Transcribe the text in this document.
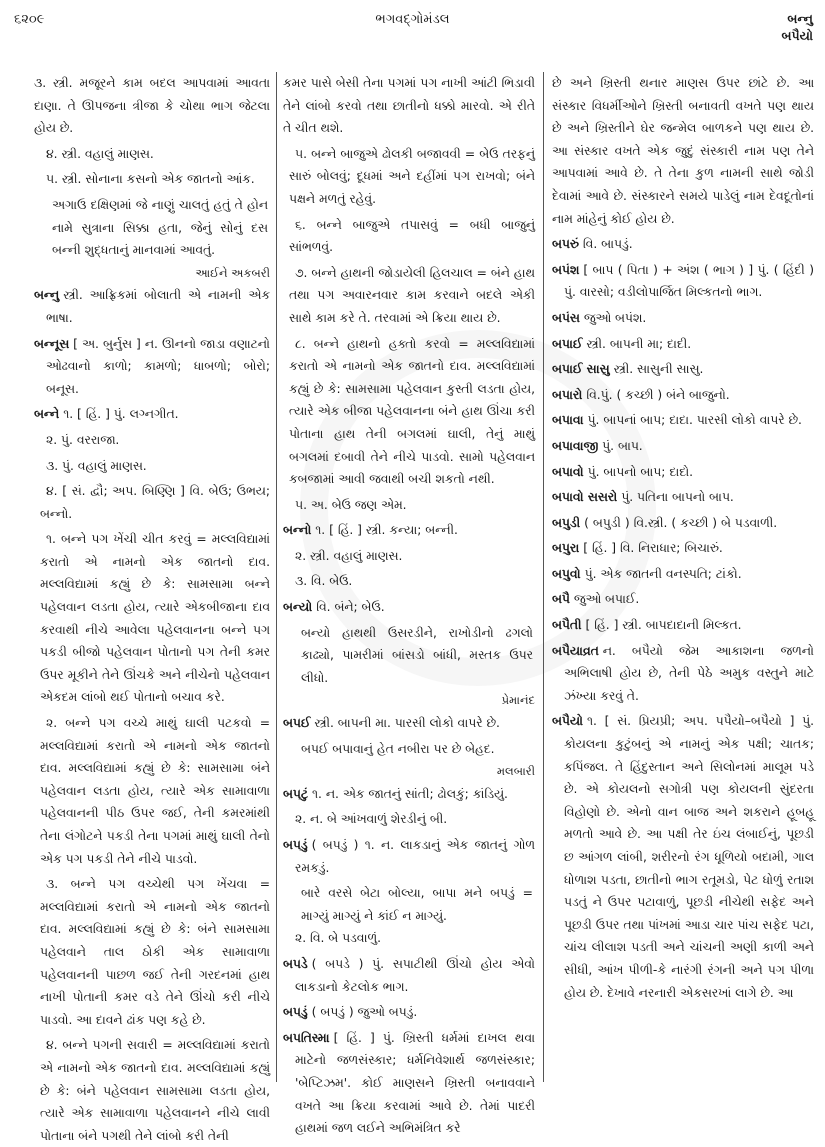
૬૨૦૯	ભગવદ્ગોમંડલ	બન્નુ
બપૈયો
૩. સ્ત્રી. મજૂરને કામ બદલ આપવામાં આવતા દાણા. તે ઊપજના ત્રીજા કે ચોથા ભાગ જેટલા હોય છે.
૪. સ્ત્રી. વહાલું માણસ.
૫. સ્ત્રી. સોનાના કસનો એક જાતનો આંક.
અગાઉ દક્ષિણમાં જે નાણું ચાલતું હતું તે હોન નામે સુત્રાના સિક્કા હતા, જેનું સોનું દસ બન્ની શુદ્ધતાનું માનવામાં આવતું.
આઈને અકબરી
બન્નુ સ્ત્રી. આફ્રિકમાં બોલાતી એ નામની એક ભાષા.
બન્નૂસ [ અ. બુર્નુસ ] ન. ઊનનો જાડા વણાટનો ઓઢવાનો કાળો; કામળો; ધાબળો; બોરો; બનૂસ.
બન્ને ૧. [ હિં. ] પું. લગ્નગીત.
૨. પું. વરરાજા.
૩. પું. વહાલું માણસ.
૪. [ સં. દ્વૌ; અપ. બિણ્ણિ ] વિ. બેઉ; ઉભય; બન્નો.
૧. બન્ને પગ ખેંચી ચીત કરવું = મલ્લવિદ્યામાં કરાતો એ નામનો એક જાતનો દાવ. મલ્લવિદ્યામાં કહ્યું છે કે: સામસામા બન્ને પહેલવાન લડતા હોય, ત્યારે એકબીજાના દાવ કરવાથી નીચે આવેલા પહેલવાનના બન્ને પગ પકડી બીજો પહેલવાન પોતાનો પગ તેની કમર ઉપર મૂકીને તેને ઊંચકે અને નીચેનો પહેલવાન એકદમ લાંબો થઈ પોતાનો બચાવ કરે.
૨. બન્ને પગ વચ્ચે માથું ઘાલી પટકવો = મલ્લવિદ્યામાં કરાતો એ નામનો એક જાતનો દાવ. મલ્લવિદ્યામાં કહ્યું છે કે: સામસામા બંને પહેલવાન લડતા હોય, ત્યારે એક સામાવાળા પહેલવાનની પીઠ ઉપર જઈ, તેની કમરમાંથી તેના લંગોટને પકડી તેના પગમાં માથું ઘાલી તેનો એક પગ પકડી તેને નીચે પાડવો.
૩. બન્ને પગ વચ્ચેથી પગ ખેંચવા = મલ્લવિદ્યામાં કરાતો એ નામનો એક જાતનો દાવ. મલ્લવિદ્યામાં કહ્યું છે કે: બંને સામસામા પહેલવાને તાલ ઠોકી એક સામાવાળા પહેલવાનની પાછળ જઈ તેની ગરદનમાં હાથ નાખી પોતાની કમર વડે તેને ઊંચો કરી નીચે પાડવો. આ દાવને ઢાંક પણ કહે છે.
૪. બન્ને પગની સવારી = મલ્લવિદ્યામાં કરાતો એ નામનો એક જાતનો દાવ. મલ્લવિદ્યામાં કહ્યું છે કે: બંને પહેલવાન સામસામા લડતા હોય, ત્યારે એક સામાવાળા પહેલવાનને નીચે લાવી પોતાના બંને પગથી તેને લાંબો કરી તેની
કમર પાસે બેસી તેના પગમાં પગ નાખી આંટી ભિડાવી તેને લાંબો કરવો તથા છાતીનો ધક્કો મારવો. એ રીતે તે ચીત થશે.
૫. બન્ને બાજુએ ઢોલકી બજાવવી = બેઉ તરફનું સારું બોલવું; દૂધમાં અને દહીંમાં પગ રાખવો; બંને પક્ષને મળતું રહેવું.
૬. બન્ને બાજુએ તપાસવું = બધી બાજુનું સાંભળવું.
૭. બન્ને હાથની જોડાયેલી હિલચાલ = બંને હાથ તથા પગ અવારનવાર કામ કરવાને બદલે એકી સાથે કામ કરે તે. તરવામાં એ ક્રિયા થાય છે.
૮. બન્ને હાથનો હક્તો કરવો = મલ્લવિદ્યામાં કરાતો એ નામનો એક જાતનો દાવ. મલ્લવિદ્યામાં કહ્યું છે કે: સામસામા પહેલવાન કુસ્તી લડતા હોય, ત્યારે એક બીજા પહેલવાનના બંને હાથ ઊંચા કરી પોતાના હાથ તેની બગલમાં ઘાલી, તેનું માથું બગલમાં દબાવી તેને નીચે પાડવો. સામો પહેલવાન કબજામાં આવી જવાથી બચી શકતો નથી.
૫. અ. બેઉ જણ એમ.
બન્નો ૧. [ હિં. ] સ્ત્રી. કન્યા; બન્ની.
૨. સ્ત્રી. વહાલું માણસ.
૩. વિ. બેઉ.
બન્યો વિ. બંને; બેઉ.
બન્યો હાથથી ઉસરડીને, રાખોડીનો ઢગલો કાઢ્યો, પામરીમાં બાંસડો બાંધી, મસ્તક ઉપર લીધો.
પ્રેમાનંદ
બપઈ સ્ત્રી. બાપની મા. પારસી લોકો વાપરે છે.
બપઈ બપાવાનું હેત નબીરા પર છે બેહદ.
મલબારી
બપટું ૧. ન. એક જાતનું સાંતી; ઢોલકું; કાંડિયું.
૨. ન. બે આંખવાળું શેરડીનું બી.
બપડું ( બપડું ) ૧. ન. લાકડાનું એક જાતનું ગોળ રમકડું.
બારે વરસે બેટા બોલ્યા, બાપા મને બપડું = માગ્યું માગ્યું ને કાંઈ ન માગ્યું.
૨. વિ. બે પડવાળું.
બપડે ( બપડે ) પું. સપાટીથી ઊંચો હોય એવો લાકડાનો કેટલોક ભાગ.
બપડું ( બપડું ) જુઓ બપડું.
બપતિસ્મા [ હિં. ] પું. ખ્રિસ્તી ધર્મમાં દાખલ થવા માટેનો જળસંસ્કાર; ધર્મનિવેશાર્થ જળસંસ્કાર; 'બેપ્ટિઝમ'. કોઈ માણસને ખ્રિસ્તી બનાવવાને વખતે આ ક્રિયા કરવામાં આવે છે. તેમાં પાદરી હાથમાં જળ લઈને અભિમંત્રિત કરે
છે અને ખ્રિસ્તી થનાર માણસ ઉપર છાંટે છે. આ સંસ્કાર વિધર્મીઓને ખ્રિસ્તી બનાવતી વખતે પણ થાય છે અને ખ્રિસ્તીને ઘેર જન્મેલ બાળકને પણ થાય છે. આ સંસ્કાર વખતે એક જુદું સંસ્કારી નામ પણ તેને આપવામાં આવે છે. તે તેના કુળ નામની સાથે જોડી દેવામાં આવે છે. સંસ્કારને સમયે પાડેલું નામ દેવદૂતોનાં નામ માંહેનું કોઈ હોય છે.
બપરું વિ. બાપડું.
બપંશ [ બાપ ( પિતા ) + અંશ ( ભાગ ) ] પું. ( હિંદી ) પું. વારસો; વડીલોપાર્જિત મિલ્કતનો ભાગ.
બપંસ જુઓ બપંશ.
બપાઈ સ્ત્રી. બાપની મા; દાદી.
બપાઈ સાસુ સ્ત્રી. સાસુની સાસુ.
બપારો વિ.પું. ( કચ્છી ) બંને બાજુનો.
બપાવા પું. બાપનાં બાપ; દાદા. પારસી લોકો વાપરે છે.
બપાવાજી પું. બાપ.
બપાવો પું. બાપનો બાપ; દાદો.
બપાવો સસરો પું. પતિના બાપનો બાપ.
બપુડી ( બપુડી ) વિ.સ્ત્રી. ( કચ્છી ) બે પડવાળી.
બપુરા [ હિં. ] વિ. નિરાધાર; બિચારું.
બપુવો પું. એક જાતની વનસ્પતિ; ટાંકો.
બપૈ જુઓ બપાઈ.
બપૈતી [ હિં. ] સ્ત્રી. બાપદાદાની મિલ્કત.
બપૈયાવ્રત ન. બપૈયો જેમ આકાશના જળનો અભિલાષી હોય છે, તેની પેઠે અમુક વસ્તુને માટે ઝંખ્યા કરવું તે.
બપૈયો ૧. [ સં. પ્રિયપ્રી; અપ. પપૈયો–બપૈયો ] પું. કોયલના કુટુંબનું એ નામનું એક પક્ષી; ચાતક; કપિંજલ. તે હિંદુસ્તાન અને સિલોનમાં માલૂમ પડે છે. એ કોયલનો સગોત્રી પણ કોયલની સુંદરતા વિહોણો છે. એનો વાન બાજ અને શકરાને હૂબહૂ મળતો આવે છે. આ પક્ષી તેર ઇંચ લંબાઈનું, પૂછડી છ આંગળ લાંબી, શરીરનો રંગ ધૂળિયો બદામી, ગાલ ધોળાશ પડતા, છાતીનો ભાગ રતૂમડો, પેટ ધોળું રતાશ પડતું ને ઉપર પટાવાળું, પૂછડી નીચેથી સફેદ અને પૂછડી ઉપર તથા પાંખમાં આડા ચાર પાંચ સફેદ પટા, ચાંચ લીલાશ પડતી અને ચાંચની અણી કાળી અને સીધી, આંખ પીળી-કે નારંગી રંગની અને પગ પીળા હોય છે. દેખાવે નરનારી એકસરખાં લાગે છે. આ
